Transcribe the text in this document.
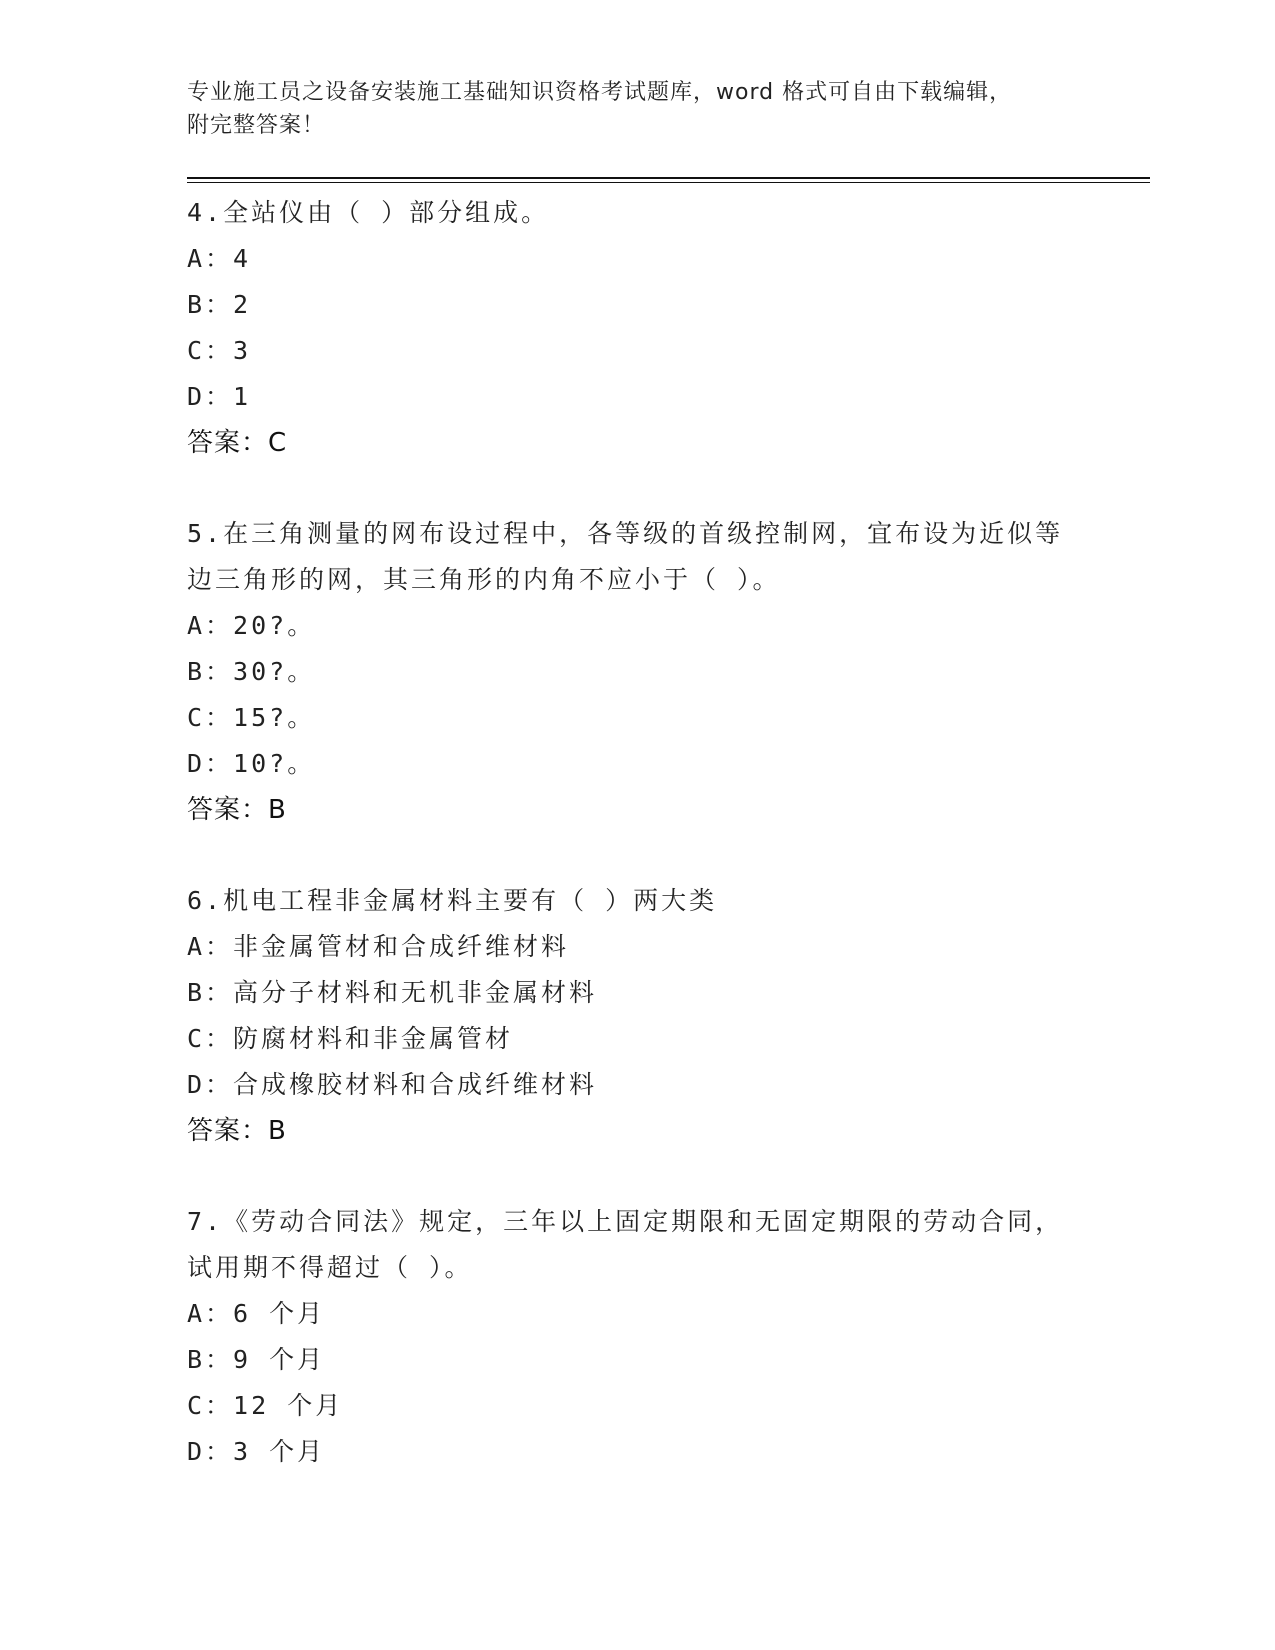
专业施工员之设备安装施工基础知识资格考试题库，word 格式可自由下载编辑，
附完整答案！
4.全站仪由（ ）部分组成。
A：4
B：2
C：3
D：1
答案：C
5.在三角测量的网布设过程中，各等级的首级控制网，宜布设为近似等边三角形的网，其三角形的内角不应小于（ ）。
A：20?。
B：30?。
C：15?。
D：10?。
答案：B
6.机电工程非金属材料主要有（ ）两大类
A：非金属管材和合成纤维材料
B：高分子材料和无机非金属材料
C：防腐材料和非金属管材
D：合成橡胶材料和合成纤维材料
答案：B
7.《劳动合同法》规定，三年以上固定期限和无固定期限的劳动合同，试用期不得超过（ ）。
A：6 个月
B：9 个月
C：12 个月
D：3 个月
